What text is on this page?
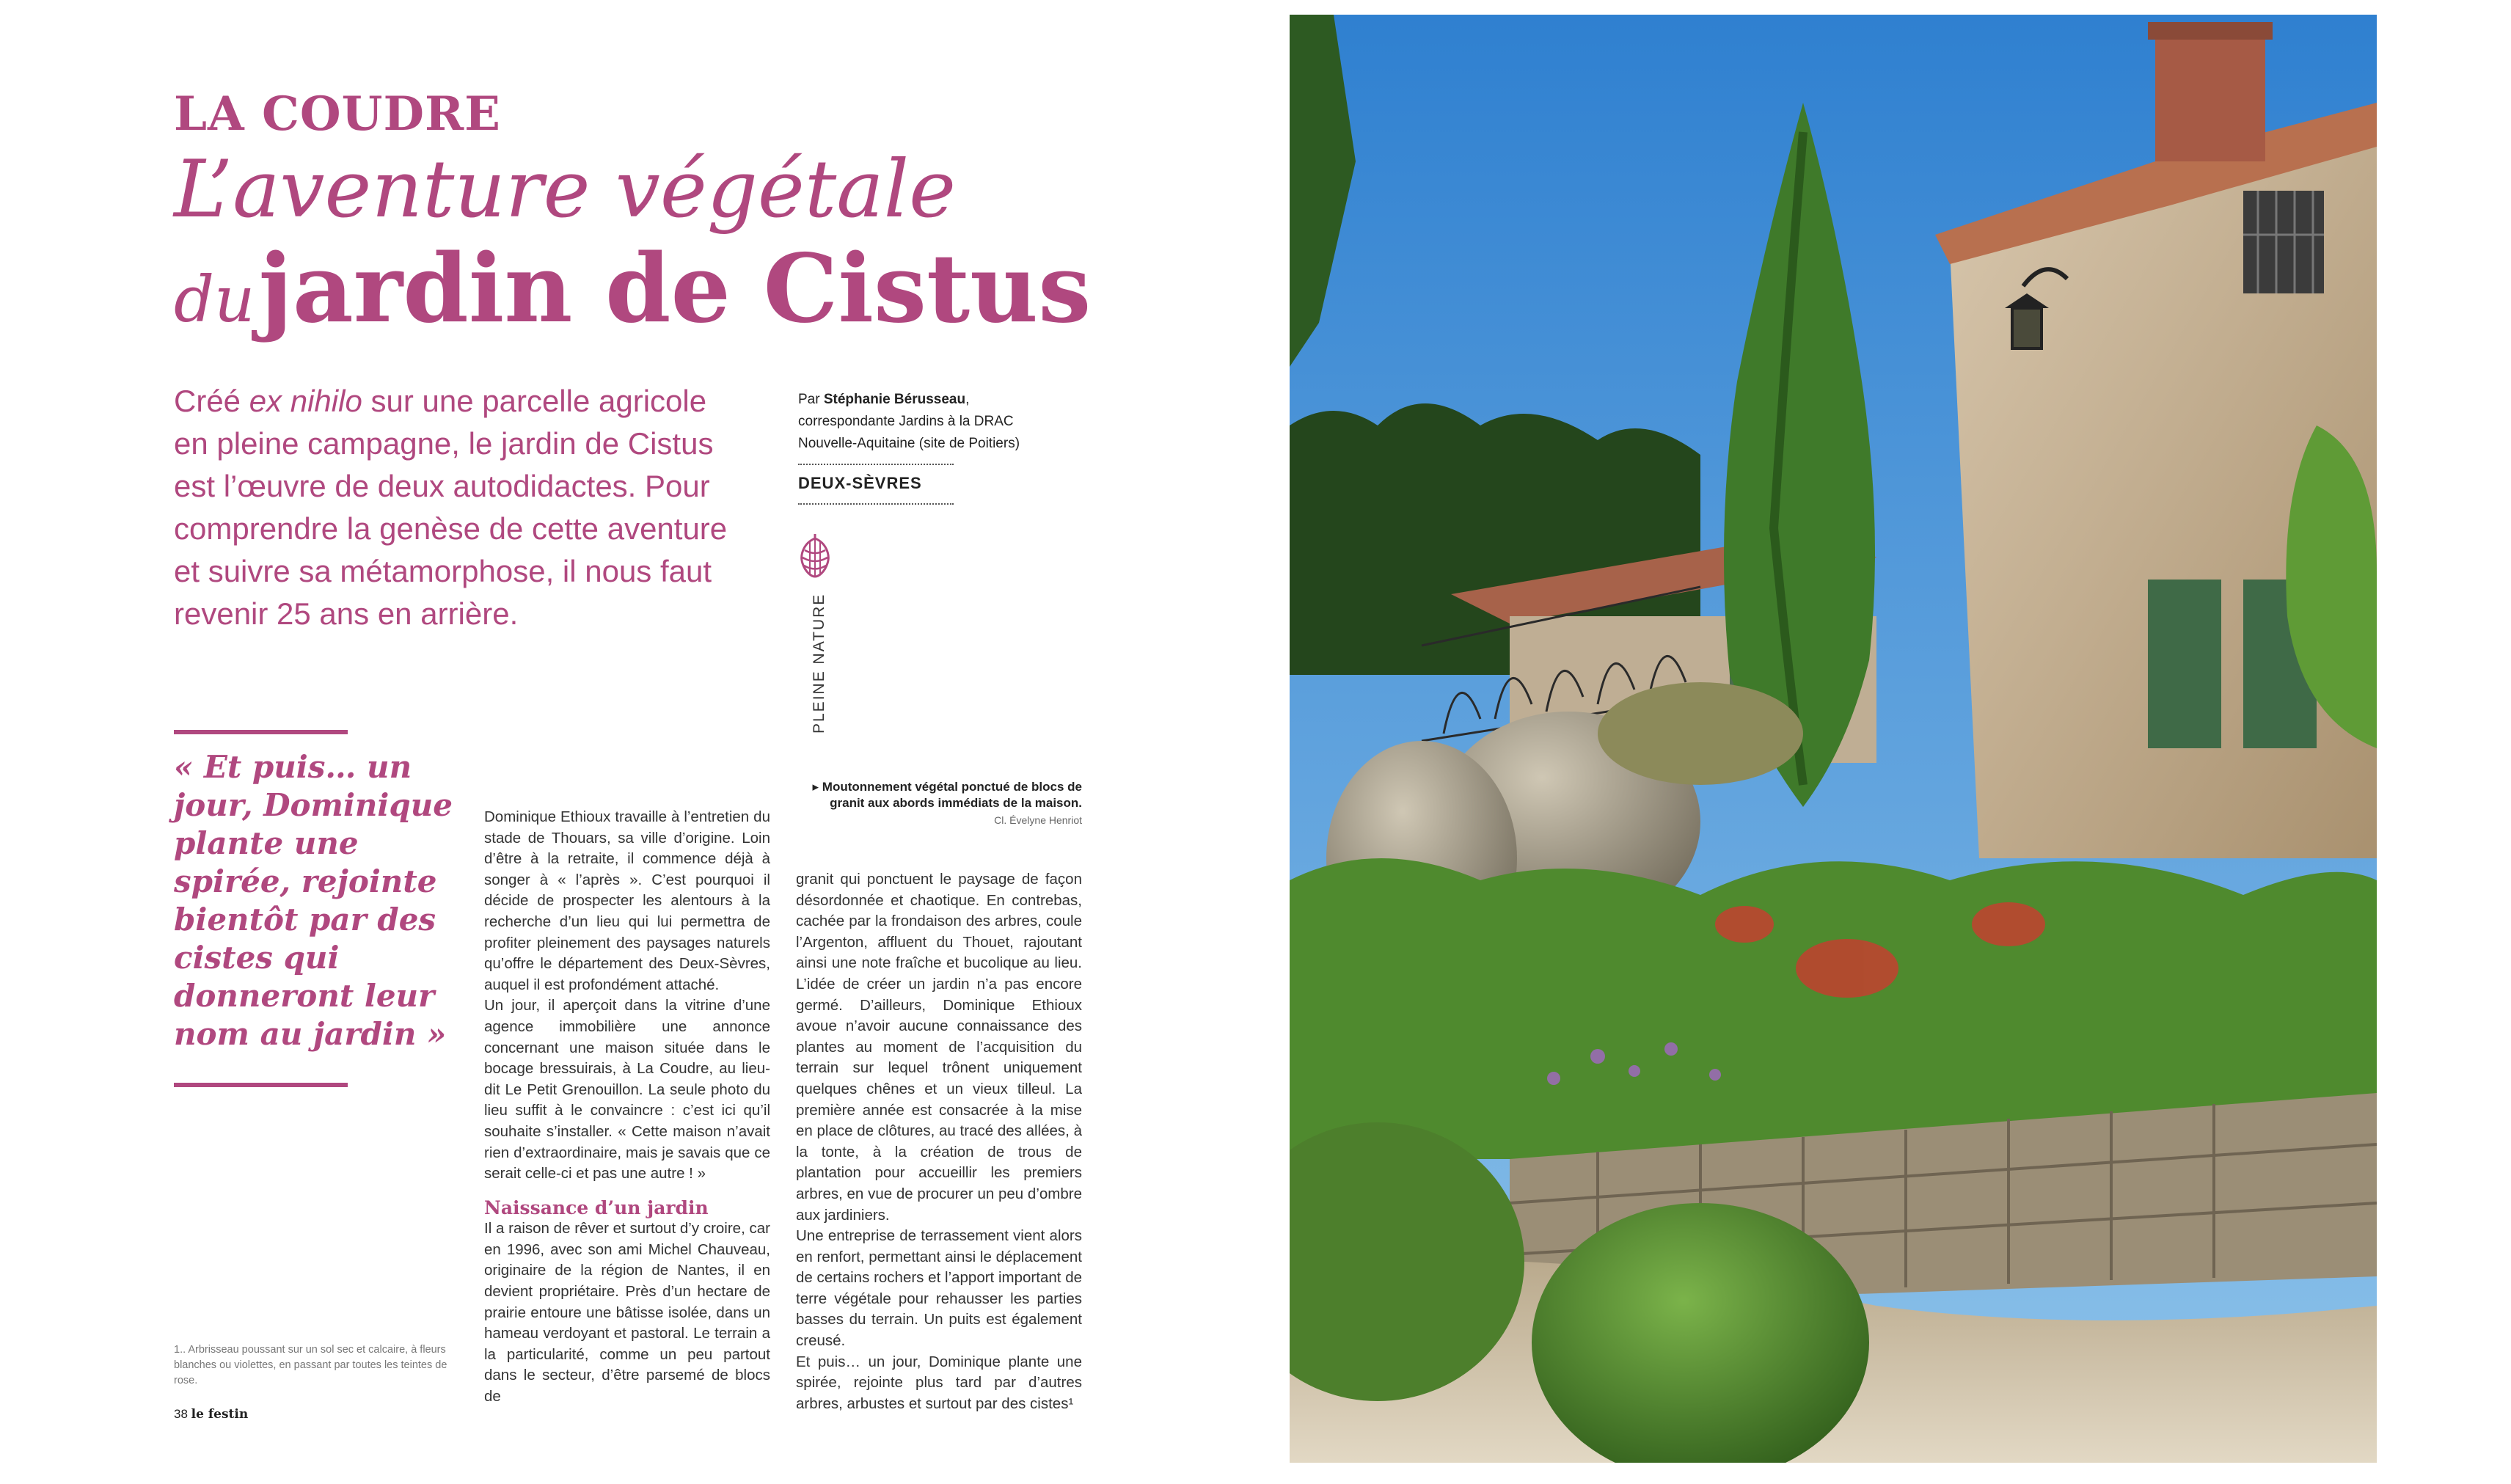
LA COUDRE
L’aventure végétale
du jardin de Cistus
Créé ex nihilo sur une parcelle agricole en pleine campagne, le jardin de Cistus est l’œuvre de deux autodidactes. Pour comprendre la genèse de cette aventure et suivre sa métamorphose, il nous faut revenir 25 ans en arrière.
Par Stéphanie Bérusseau, correspondante Jardins à la DRAC
Nouvelle-Aquitaine (site de Poitiers)
DEUX-SÈVRES
PLEINE NATURE
« Et puis… un jour, Dominique plante une spirée, rejointe bientôt par des cistes qui donneront leur nom au jardin »
▸ Moutonnement végétal ponctué de blocs de granit aux abords immédiats de la maison.
Cl. Évelyne Henriot

Dominique Ethioux travaille à l’entretien du stade de Thouars, sa ville d’origine. Loin d’être à la retraite, il commence déjà à songer à « l’après ». C’est pourquoi il décide de prospecter les alentours à la recherche d’un lieu qui lui permettra de profiter pleinement des paysages naturels qu’offre le département des Deux-Sèvres, auquel il est profondément attaché.

Un jour, il aperçoit dans la vitrine d’une agence immobilière une annonce concernant une maison située dans le bocage bressuirais, à La Coudre, au lieu-dit Le Petit Grenouillon. La seule photo du lieu suffit à le convaincre : c’est ici qu’il souhaite s’installer. « Cette maison n’avait rien d’extraordinaire, mais je savais que ce serait celle-ci et pas une autre ! »

Naissance d’un jardin

Il a raison de rêver et surtout d’y croire, car en 1996, avec son ami Michel Chauveau, originaire de la région de Nantes, il en devient propriétaire. Près d’un hectare de prairie entoure une bâtisse isolée, dans un hameau verdoyant et pastoral. Le terrain a la particularité, comme un peu partout dans le secteur, d’être parsemé de blocs de

granit qui ponctuent le paysage de façon désordonnée et chaotique. En contrebas, cachée par la frondaison des arbres, coule l’Argenton, affluent du Thouet, rajoutant ainsi une note fraîche et bucolique au lieu. L’idée de créer un jardin n’a pas encore germé. D’ailleurs, Dominique Ethioux avoue n’avoir aucune connaissance des plantes au moment de l’acquisition du terrain sur lequel trônent uniquement quelques chênes et un vieux tilleul. La première année est consacrée à la mise en place de clôtures, au tracé des allées, à la tonte, à la création de trous de plantation pour accueillir les premiers arbres, en vue de procurer un peu d’ombre aux jardiniers.

Une entreprise de terrassement vient alors en renfort, permettant ainsi le déplacement de certains rochers et l’apport important de terre végétale pour rehausser les parties basses du terrain. Un puits est également creusé.

Et puis… un jour, Dominique plante une spirée, rejointe plus tard par d’autres arbres, arbustes et surtout par des cistes¹

1.. Arbrisseau poussant sur un sol sec et calcaire, à fleurs blanches ou violettes, en passant par toutes les teintes de rose.
38 le festin
